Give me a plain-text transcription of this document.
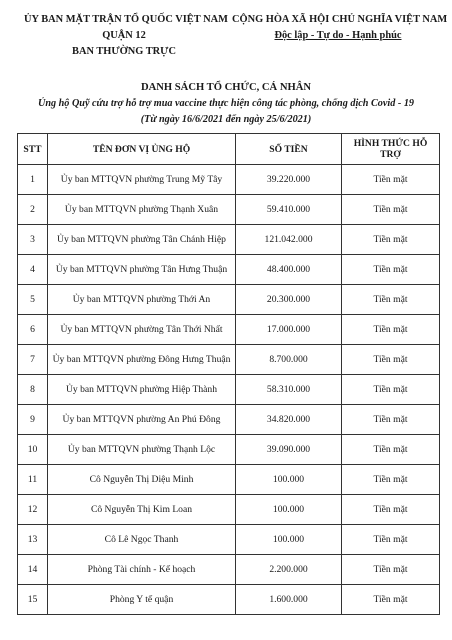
ỦY BAN MẶT TRẬN TỔ QUỐC VIỆT NAM
QUẬN 12
BAN THƯỜNG TRỰC
CỘNG HÒA XÃ HỘI CHỦ NGHĨA VIỆT NAM
Độc lập - Tự do - Hạnh phúc
DANH SÁCH TỔ CHỨC, CÁ NHÂN
Ủng hộ Quỹ cứu trợ hỗ trợ mua vaccine thực hiện công tác phòng, chống dịch Covid - 19
(Từ ngày 16/6/2021 đến ngày 25/6/2021)
STT	TÊN ĐƠN VỊ ỦNG HỘ	SỐ TIỀN	HÌNH THỨC HỖ TRỢ
1	Ủy ban MTTQVN phường Trung Mỹ Tây	39.220.000	Tiền mặt
2	Ủy ban MTTQVN phường Thạnh Xuân	59.410.000	Tiền mặt
3	Ủy ban MTTQVN phường Tân Chánh Hiệp	121.042.000	Tiền mặt
4	Ủy ban MTTQVN phường Tân Hưng Thuận	48.400.000	Tiền mặt
5	Ủy ban MTTQVN phường Thới An	20.300.000	Tiền mặt
6	Ủy ban MTTQVN phường Tân Thới Nhất	17.000.000	Tiền mặt
7	Ủy ban MTTQVN phường Đông Hưng Thuận	8.700.000	Tiền mặt
8	Ủy ban MTTQVN phường Hiệp Thành	58.310.000	Tiền mặt
9	Ủy ban MTTQVN phường An Phú Đông	34.820.000	Tiền mặt
10	Ủy ban MTTQVN phường Thạnh Lộc	39.090.000	Tiền mặt
11	Cô Nguyễn Thị Diệu Minh	100.000	Tiền mặt
12	Cô Nguyễn Thị Kim Loan	100.000	Tiền mặt
13	Cô Lê Ngọc Thanh	100.000	Tiền mặt
14	Phòng Tài chính - Kế hoạch	2.200.000	Tiền mặt
15	Phòng Y tế quận	1.600.000	Tiền mặt
